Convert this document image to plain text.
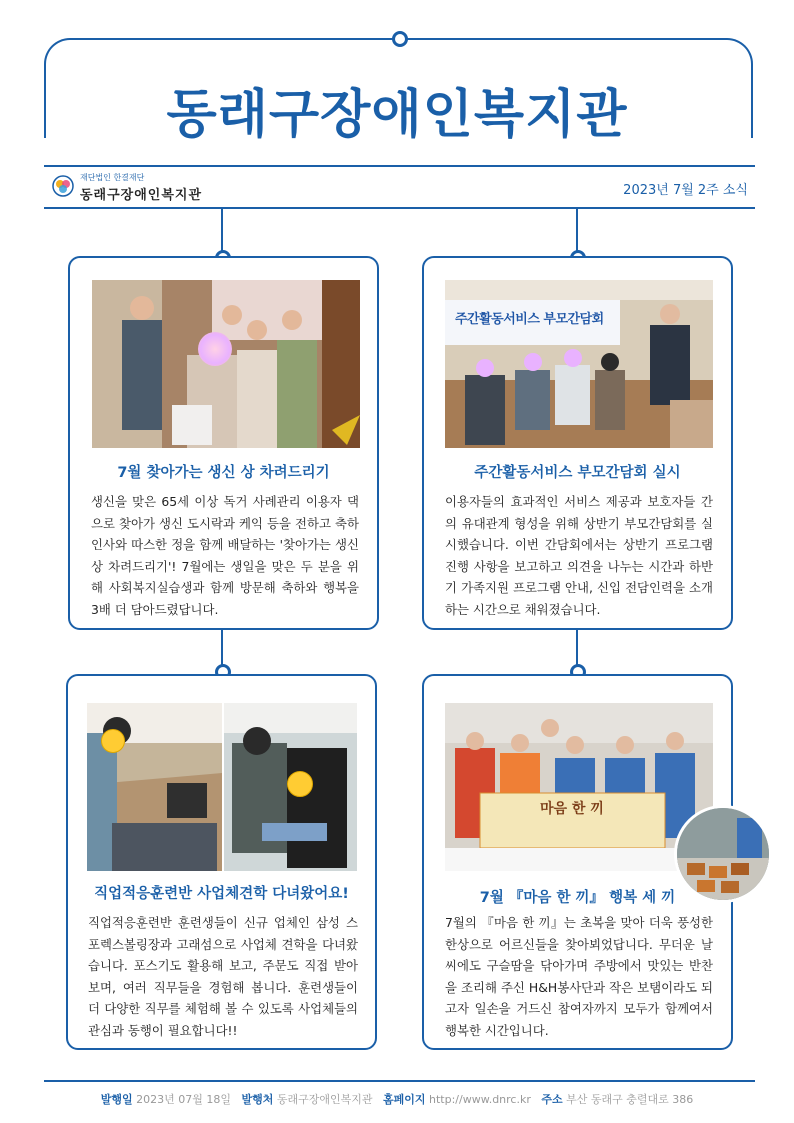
동래구장애인복지관
재단법인 한결재단
동래구장애인복지관	2023년 7월 2주 소식
7월 찾아가는 생신 상 차려드리기
생신을 맞은 65세 이상 독거 사례관리 이용자 댁으로 찾아가 생신 도시락과 케익 등을 전하고 축하 인사와 따스한 정을 함께 배달하는 '찾아가는 생신 상 차려드리기'! 7월에는 생일을 맞은 두 분을 위해 사회복지실습생과 함께 방문해 축하와 행복을 3배 더 담아드렸답니다.
주간활동서비스 부모간담회
주간활동서비스 부모간담회 실시
이용자들의 효과적인 서비스 제공과 보호자들 간의 유대관계 형성을 위해 상반기 부모간담회를 실시했습니다. 이번 간담회에서는 상반기 프로그램 진행 사항을 보고하고 의견을 나누는 시간과 하반기 가족지원 프로그램 안내, 신입 전담인력을 소개하는 시간으로 채워졌습니다.
직업적응훈련반 사업체견학 다녀왔어요!
직업적응훈련반 훈련생들이 신규 업체인 삼성 스포렉스볼링장과 고래섬으로 사업체 견학을 다녀왔습니다. 포스기도 활용해 보고, 주문도 직접 받아보며, 여러 직무들을 경험해 봅니다. 훈련생들이 더 다양한 직무를 체험해 볼 수 있도록 사업체들의 관심과 동행이 필요합니다!!
마음 한 끼
7월 『마음 한 끼』 행복 세 끼
7월의 『마음 한 끼』는 초복을 맞아 더욱 풍성한 한상으로 어르신들을 찾아뵈었답니다. 무더운 날씨에도 구슬땀을 닦아가며 주방에서 맛있는 반찬을 조리해 주신 H&H봉사단과 작은 보탬이라도 되고자 일손을 거드신 참여자까지 모두가 함께여서 행복한 시간입니다.
발행일 2023년 07월 18일 발행처 동래구장애인복지관 홈페이지 http://www.dnrc.kr 주소 부산 동래구 충렬대로 386
